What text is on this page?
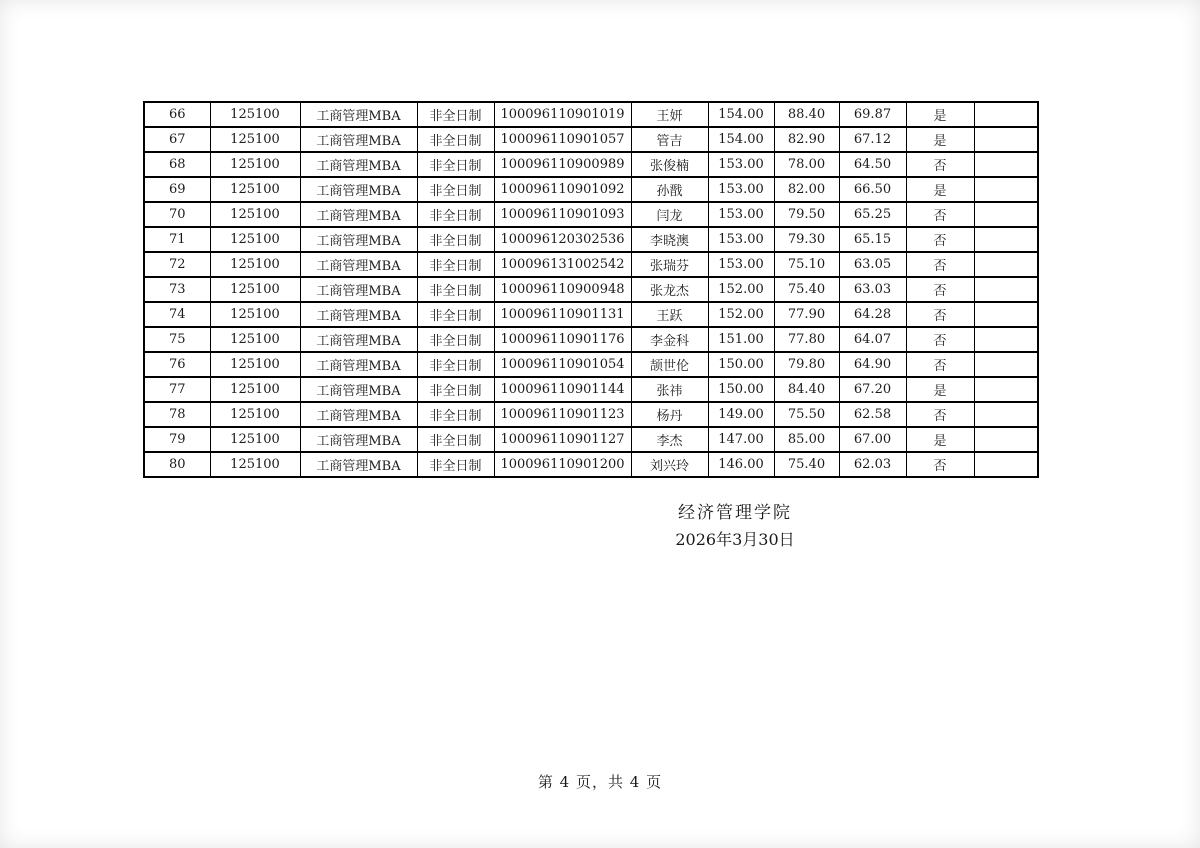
66	125100	工商管理MBA	非全日制	100096110901019	王妍	154.00	88.40	69.87	是	
67	125100	工商管理MBA	非全日制	100096110901057	管吉	154.00	82.90	67.12	是	
68	125100	工商管理MBA	非全日制	100096110900989	张俊楠	153.00	78.00	64.50	否	
69	125100	工商管理MBA	非全日制	100096110901092	孙戬	153.00	82.00	66.50	是	
70	125100	工商管理MBA	非全日制	100096110901093	闫龙	153.00	79.50	65.25	否	
71	125100	工商管理MBA	非全日制	100096120302536	李晓澳	153.00	79.30	65.15	否	
72	125100	工商管理MBA	非全日制	100096131002542	张瑞芬	153.00	75.10	63.05	否	
73	125100	工商管理MBA	非全日制	100096110900948	张龙杰	152.00	75.40	63.03	否	
74	125100	工商管理MBA	非全日制	100096110901131	王跃	152.00	77.90	64.28	否	
75	125100	工商管理MBA	非全日制	100096110901176	李金科	151.00	77.80	64.07	否	
76	125100	工商管理MBA	非全日制	100096110901054	颉世伦	150.00	79.80	64.90	否	
77	125100	工商管理MBA	非全日制	100096110901144	张祎	150.00	84.40	67.20	是	
78	125100	工商管理MBA	非全日制	100096110901123	杨丹	149.00	75.50	62.58	否	
79	125100	工商管理MBA	非全日制	100096110901127	李杰	147.00	85.00	67.00	是	
80	125100	工商管理MBA	非全日制	100096110901200	刘兴玲	146.00	75.40	62.03	否	
经济管理学院
2026年3月30日
第 4 页，共 4 页
